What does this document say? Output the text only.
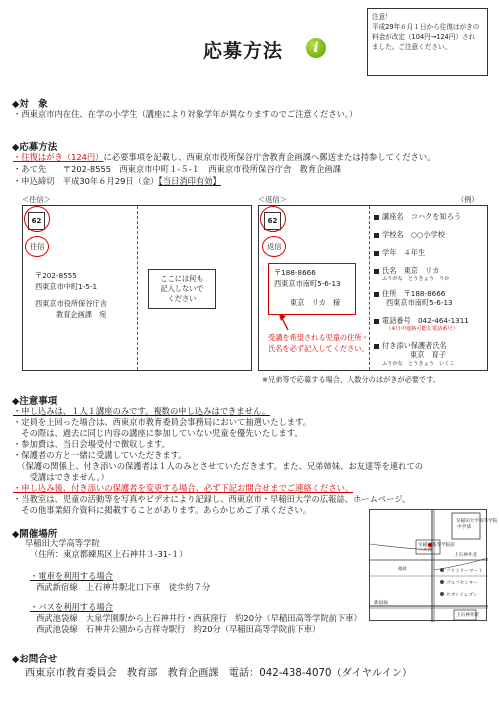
注意！
平成29年６月１日から往復はがきの
料金が改定（104円→124円）され
ました。ご注意ください。
応募方法	i
◆対　象
・西東京市内在住、在学の小学生（講座により対象学年が異なりますのでご注意ください。）
◆応募方法
・往復はがき（124円）に必要事項を記載し、西東京市役所保谷庁舎教育企画課へ郵送または持参してください。
・あて先　　〒202-8555　西東京市中町１-５-１　西東京市役所保谷庁舎　教育企画課
・申込締切　平成30年６月29日（金）【当日消印有効】
＜往信＞	＜返信＞	（例）
62
往信
〒202-8555
西東京市中町1-5-1
西東京市役所保谷庁舎
教育企画課　宛
ここには何も
記入しないで
ください
62
返信
〒188-8666
西東京市南町5-6-13
東京　リカ　様
受講を希望される児童の住所・
氏名を必ず記入してください。
講座名　 コハクを知ろう
学校名　 ○○小学校
学年　 ４年生
氏名　 東京　リカ
ふりがな　 とうきょう　りか
住所　 〒188-8666
西東京市南町5-6-13
電話番号　 042-464-1311
（※日中連絡可能な電話番号）
付き添い保護者氏名
東京　育子
ふりがな　 とうきょう　いくこ
※兄弟等で応募する場合、人数分のはがきが必要です。
◆注意事項
・申し込みは、１人１講座のみです。複数の申し込みはできません。
・定員を上回った場合は、西東京市教育委員会事務局において抽選いたします。
　その際は、過去に同じ内容の講座に参加していない児童を優先いたします。
・参加費は、当日会場受付で徴収します。
・保護者の方と一緒に受講していただきます。
　（保護の関係上、付き添いの保護者は１人のみとさせていただきます。また、兄弟姉妹、お友達等を連れての
　　受講はできません。）
・申し込み後、付き添いの保護者を変更する場合、必ず下記お問合せまでご連絡ください。
・当教室は、児童の活動等を写真やビデオにより記録し、西東京市・早稲田大学の広報誌、ホームページ、
　その他事業紹介資料に掲載することがあります。あらかじめご了承ください。
◆開催場所
早稲田大学高等学院
（住所：東京都練馬区上石神井３-31-１）
・電車を利用する場合
西武新宿線　上石神井駅北口下車　徒歩約７分
・バスを利用する場合
西武池袋線　大泉学園駅から上石神井行・西荻窪行　約20分（早稲田高等学院前下車）
西武池袋線　石神井公園から吉祥寺駅行　約20分（早稲田高等学院前下車）
早稲田大学高等学院
中学部
早稲田高等学院前
バス停
上石神井北
福祉
ゴルフセンター
セブンイレブン
ファミリーマート
新宿線
上石神井駅
◆お問合せ
西東京市教育委員会　教育部　教育企画課　電話：042-438-4070（ダイヤルイン）
